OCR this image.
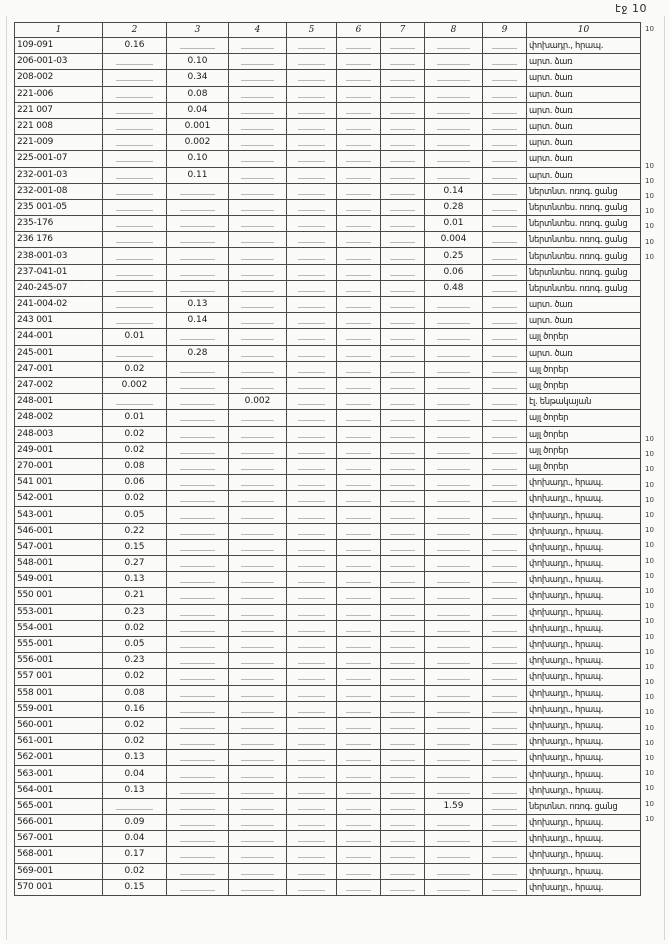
էջ 10
1	2	3	4	5	6	7	8	9	10
109-091	0.16								փոխադր., հրապ.
206-001-03		0.10							արտ. ձառ
208-002		0.34							արտ. ծառ
221-006		0.08							արտ. ծառ
221 007		0.04							արտ. ծառ
221 008		0.001							արտ. ծառ
221-009		0.002							արտ. ծառ
225-001-07		0.10							արտ. ծառ
232-001-03		0.11							արտ. ծառ
232-001-08							0.14		ներտնտ. ոռոգ. ցանց
235 001-05							0.28		ներտնտես. ոռոգ. ցանց
235-176							0.01		ներտնտես. ոռոգ. ցանց
236 176							0.004		ներտնտես. ոռոգ. ցանց
238-001-03							0.25		ներտնտես. ոռոգ. ցանց
237-041-01							0.06		ներտնտես. ոռոգ. ցանց
240-245-07							0.48		ներտնտես. ոռոգ. ցանց
241-004-02		0.13							արտ. ծառ
243 001		0.14							արտ. ծառ
244-001	0.01								այլ ծորեր
245-001		0.28							արտ. ծառ
247-001	0.02								այլ ծորեր
247-002	0.002								այլ ծորեր
248-001			0.002						էլ. ենթակայան
248-002	0.01								այլ ծորեր
248-003	0.02								այլ ծորեր
249-001	0.02								այլ ծորեր
270-001	0.08								այլ ծորեր
541 001	0.06								փոխադր., հրապ.
542-001	0.02								փոխադր., հրապ.
543-001	0.05								փոխադր., հրապ.
546-001	0.22								փոխադր., հրապ.
547-001	0.15								փոխադր., հրապ.
548-001	0.27								փոխադր., հրապ.
549-001	0.13								փոխադր., հրապ.
550 001	0.21								փոխադր., հրապ.
553-001	0.23								փոխադր., հրապ.
554-001	0.02								փոխադր., հրապ.
555-001	0.05								փոխադր., հրապ.
556-001	0.23								փոխադր., հրապ.
557 001	0.02								փոխադր., հրապ.
558 001	0.08								փոխադր., հրապ.
559-001	0.16								փոխադր., հրապ.
560-001	0.02								փոխադր., հրապ.
561-001	0.02								փոխադր., հրապ.
562-001	0.13								փոխադր., հրապ.
563-001	0.04								փոխադր., հրապ.
564-001	0.13								փոխադր., հրապ.
565-001							1.59		ներտնտ. ոռոգ. ցանց
566-001	0.09								փոխադր., հրապ.
567-001	0.04								փոխադր., հրապ.
568-001	0.17								փոխադր., հրապ.
569-001	0.02								փոխադր., հրապ.
570 001	0.15								փոխադր., հրապ.
10
10
10
10
10
10
10
10
10
10
10
10
10
10
10
10
10
10
10
10
10
10
10
10
10
10
10
10
10
10
10
10
10
10
